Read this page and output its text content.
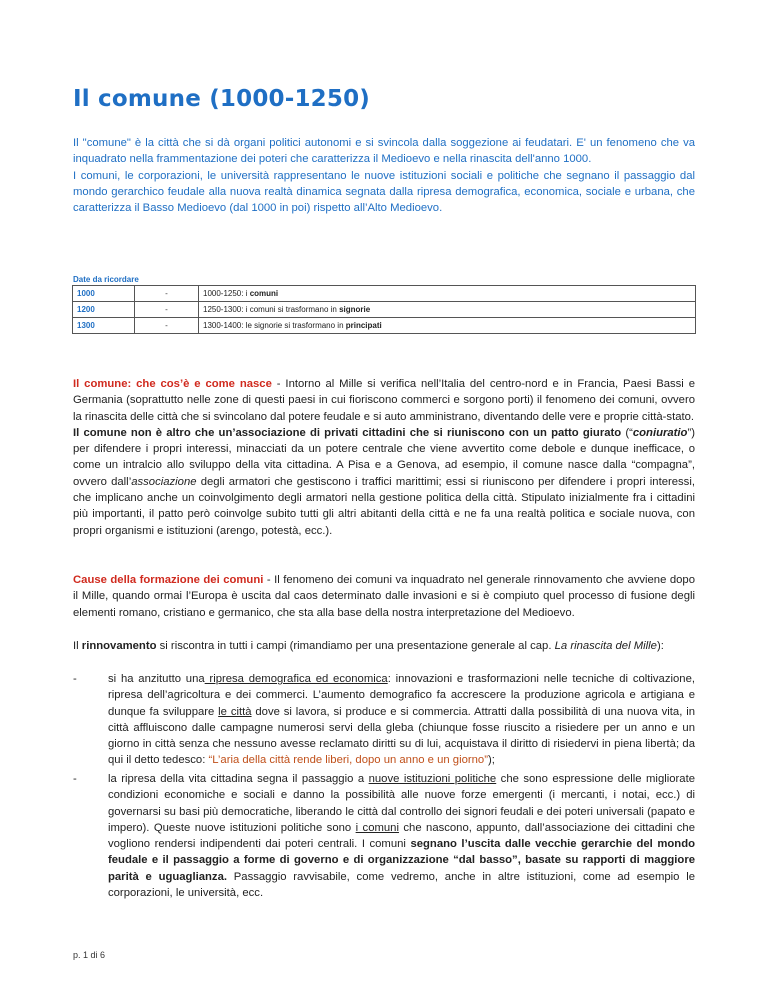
Il comune (1000-1250)

Il "comune" è la città che si dà organi politici autonomi e si svincola dalla soggezione ai feudatari. E' un fenomeno che va inquadrato nella frammentazione dei poteri che caratterizza il Medioevo e nella rinascita dell'anno 1000.

I comuni, le corporazioni, le università rappresentano le nuove istituzioni sociali e politiche che segnano il passaggio dal mondo gerarchico feudale alla nuova realtà dinamica segnata dalla ripresa demografica, economica, sociale e urbana, che caratterizza il Basso Medioevo (dal 1000 in poi) rispetto all’Alto Medioevo.

Date da ricordare
1000	-	1000-1250: i comuni
1200	-	1250-1300: i comuni si trasformano in signorie
1300	-	1300-1400: le signorie si trasformano in principati

Il comune: che cos’è e come nasce - Intorno al Mille si verifica nell’Italia del centro-nord e in Francia, Paesi Bassi e Germania (soprattutto nelle zone di questi paesi in cui fioriscono commerci e sorgono porti) il fenomeno dei comuni, ovvero la rinascita delle città che si svincolano dal potere feudale e si auto amministrano, diventando delle vere e proprie città-stato.

Il comune non è altro che un’associazione di privati cittadini che si riuniscono con un patto giurato (“coniuratio”) per difendere i propri interessi, minacciati da un potere centrale che viene avvertito come debole e dunque inefficace, o come un intralcio allo sviluppo della vita cittadina. A Pisa e a Genova, ad esempio, il comune nasce dalla “compagna”, ovvero dall’associazione degli armatori che gestiscono i traffici marittimi; essi si riuniscono per difendere i propri interessi, che implicano anche un coinvolgimento degli armatori nella gestione politica della città. Stipulato inizialmente fra i cittadini più importanti, il patto però coinvolge subito tutti gli altri abitanti della città e ne fa una realtà politica e sociale nuova, con propri organismi e istituzioni (arengo, potestà, ecc.).

Cause della formazione dei comuni - Il fenomeno dei comuni va inquadrato nel generale rinnovamento che avviene dopo il Mille, quando ormai l’Europa è uscita dal caos determinato dalle invasioni e si è compiuto quel processo di fusione degli elementi romano, cristiano e germanico, che sta alla base della nostra interpretazione del Medioevo.

Il rinnovamento si riscontra in tutti i campi (rimandiamo per una presentazione generale al cap. La rinascita del Mille):

-	si ha anzitutto una ripresa demografica ed economica: innovazioni e trasformazioni nelle tecniche di coltivazione, ripresa dell’agricoltura e dei commerci. L’aumento demografico fa accrescere la produzione agricola e artigiana e dunque fa sviluppare le città dove si lavora, si produce e si commercia. Attratti dalla possibilità di una nuova vita, in città affluiscono dalle campagne numerosi servi della gleba (chiunque fosse riuscito a risiedere per un anno e un giorno in città senza che nessuno avesse reclamato diritti su di lui, acquistava il diritto di risiedervi in piena libertà; da qui il detto tedesco: “L’aria della città rende liberi, dopo un anno e un giorno”);
-	la ripresa della vita cittadina segna il passaggio a nuove istituzioni politiche che sono espressione delle migliorate condizioni economiche e sociali e danno la possibilità alle nuove forze emergenti (i mercanti, i notai, ecc.) di governarsi su basi più democratiche, liberando le città dal controllo dei signori feudali e dei poteri universali (papato e impero). Queste nuove istituzioni politiche sono i comuni che nascono, appunto, dall’associazione dei cittadini che vogliono rendersi indipendenti dai poteri centrali. I comuni segnano l’uscita dalle vecchie gerarchie del mondo feudale e il passaggio a forme di governo e di organizzazione “dal basso”, basate su rapporti di maggiore parità e uguaglianza. Passaggio ravvisabile, come vedremo, anche in altre istituzioni, come ad esempio le corporazioni, le università, ecc.
p. 1 di 6
